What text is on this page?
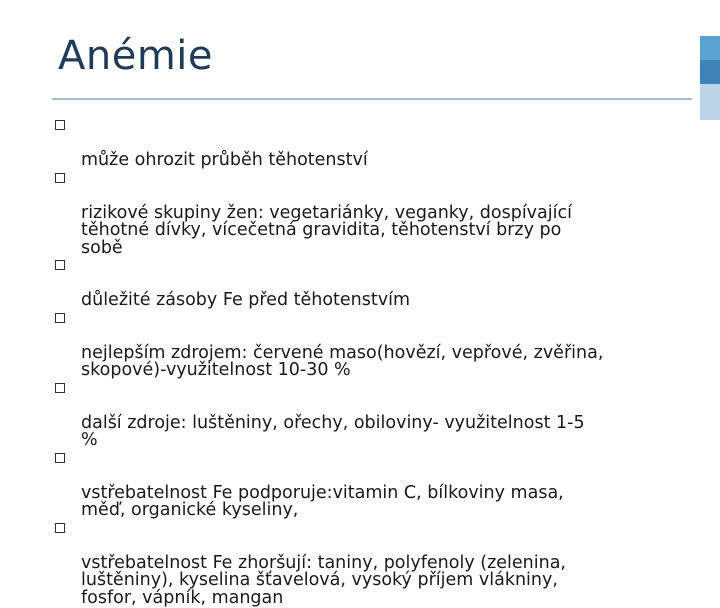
Anémie

může ohrozit průběh těhotenství

rizikové skupiny žen: vegetariánky, veganky, dospívající
těhotné dívky, vícečetná gravidita, těhotenství brzy po
sobě

důležité zásoby Fe před těhotenstvím

nejlepším zdrojem: červené maso(hovězí, vepřové, zvěřina,
skopové)-využitelnost 10-30 %

další zdroje: luštěniny, ořechy, obiloviny- využitelnost 1-5
%

vstřebatelnost Fe podporuje:vitamin C, bílkoviny masa,
měď, organické kyseliny,

vstřebatelnost Fe zhoršují: taniny, polyfenoly (zelenina,
luštěniny), kyselina šťavelová, vysoký příjem vlákniny,
fosfor, vápník, mangan
